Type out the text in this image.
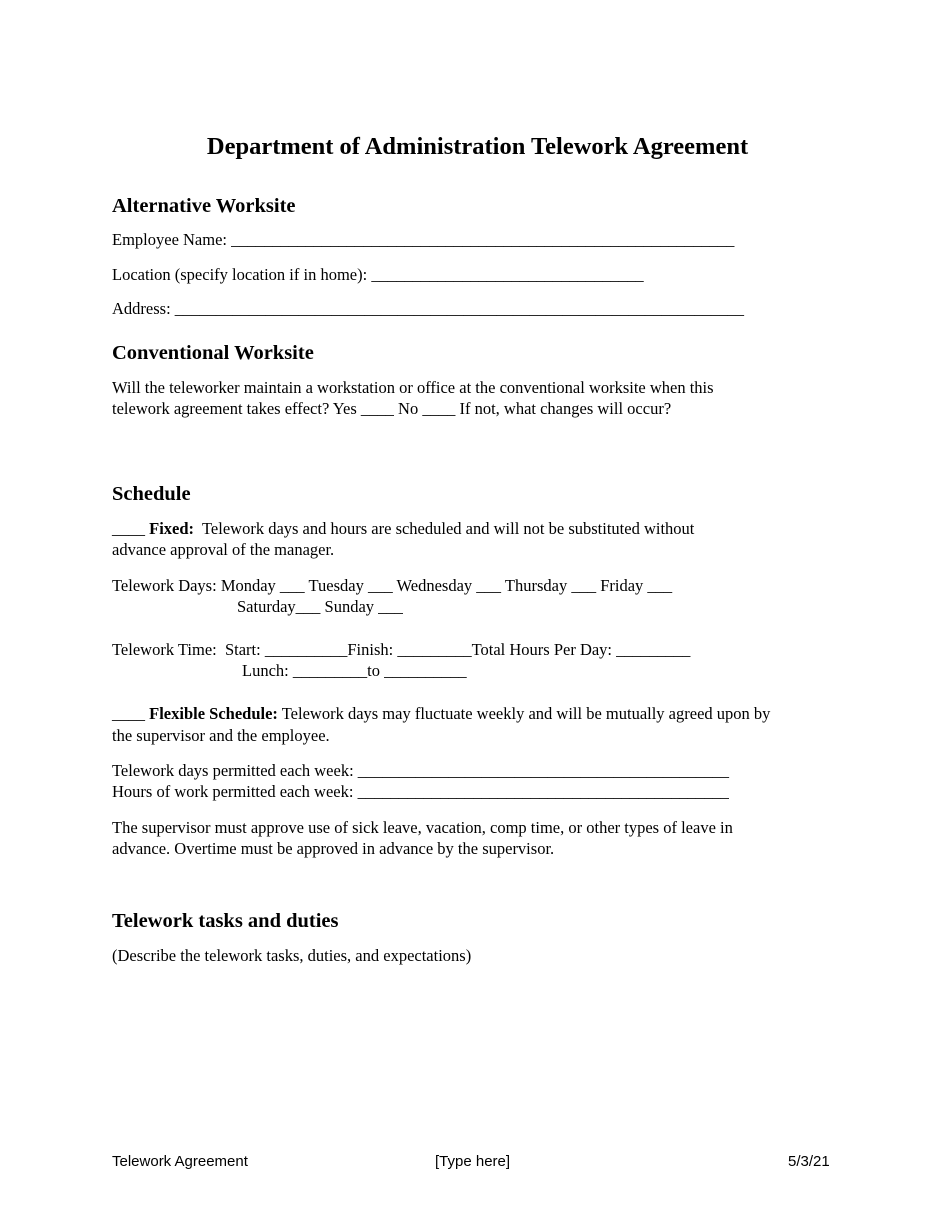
Department of Administration Telework Agreement
Alternative Worksite
Employee Name: _____________________________________________________________
Location (specify location if in home): _________________________________
Address: _____________________________________________________________________
Conventional Worksite
Will the teleworker maintain a workstation or office at the conventional worksite when this
telework agreement takes effect? Yes ____ No ____ If not, what changes will occur?
Schedule
____ Fixed:  Telework days and hours are scheduled and will not be substituted without
advance approval of the manager.
Telework Days: Monday ___ Tuesday ___ Wednesday ___ Thursday ___ Friday ___
Saturday___ Sunday ___
Telework Time:  Start: __________Finish: _________Total Hours Per Day: _________
Lunch: _________to __________
____ Flexible Schedule: Telework days may fluctuate weekly and will be mutually agreed upon by
the supervisor and the employee.
Telework days permitted each week: _____________________________________________
Hours of work permitted each week: _____________________________________________
The supervisor must approve use of sick leave, vacation, comp time, or other types of leave in
advance. Overtime must be approved in advance by the supervisor.
Telework tasks and duties
(Describe the telework tasks, duties, and expectations)
Telework Agreement	[Type here]	5/3/21
